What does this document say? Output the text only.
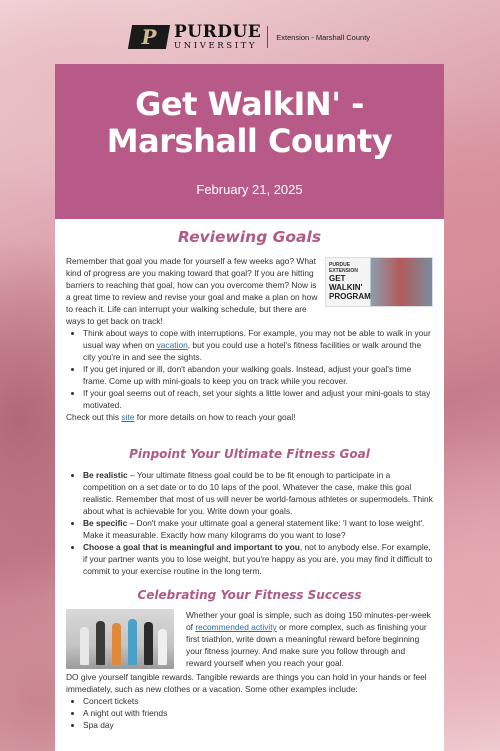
P PURDUE
UNIVERSITY
Extension - Marshall County
Get WalkIN' -
Marshall County
February 21, 2025
Reviewing Goals
PURDUE EXTENSION
GET WALKIN' PROGRAM

Remember that goal you made for yourself a few weeks ago? What kind of progress are you making toward that goal? If you are hitting barriers to reaching that goal, how can you overcome them? Now is a great time to review and revise your goal and make a plan on how to reach it. Life can interrupt your walking schedule, but there are ways to get back on track!

• Think about ways to cope with interruptions. For example, you may not be able to walk in your usual way when on vacation, but you could use a hotel's fitness facilities or walk around the city you're in and see the sights.
• If you get injured or ill, don't abandon your walking goals. Instead, adjust your goal's time frame. Come up with mini-goals to keep you on track while you recover.
• If your goal seems out of reach, set your sights a little lower and adjust your mini-goals to stay motivated.

Check out this site for more details on how to reach your goal!

Pinpoint Your Ultimate Fitness Goal
• Be realistic – Your ultimate fitness goal could be to be fit enough to participate in a competition on a set date or to do 10 laps of the pool. Whatever the case, make this goal realistic. Remember that most of us will never be world-famous athletes or supermodels. Think about what is achievable for you. Write down your goals.
• Be specific – Don't make your ultimate goal a general statement like: 'I want to lose weight'. Make it measurable. Exactly how many kilograms do you want to lose?
• Choose a goal that is meaningful and important to you, not to anybody else. For example, if your partner wants you to lose weight, but you're happy as you are, you may find it difficult to commit to your exercise routine in the long term.
Celebrating Your Fitness Success

Whether your goal is simple, such as doing 150 minutes-per-week of recommended activity or more complex, such as finishing your first triathlon, write down a meaningful reward before beginning your fitness journey. And make sure you follow through and reward yourself when you reach your goal.

DO give yourself tangible rewards. Tangible rewards are things you can hold in your hands or feel immediately, such as new clothes or a vacation. Some other examples include:

• Concert tickets
• A night out with friends
• Spa day
